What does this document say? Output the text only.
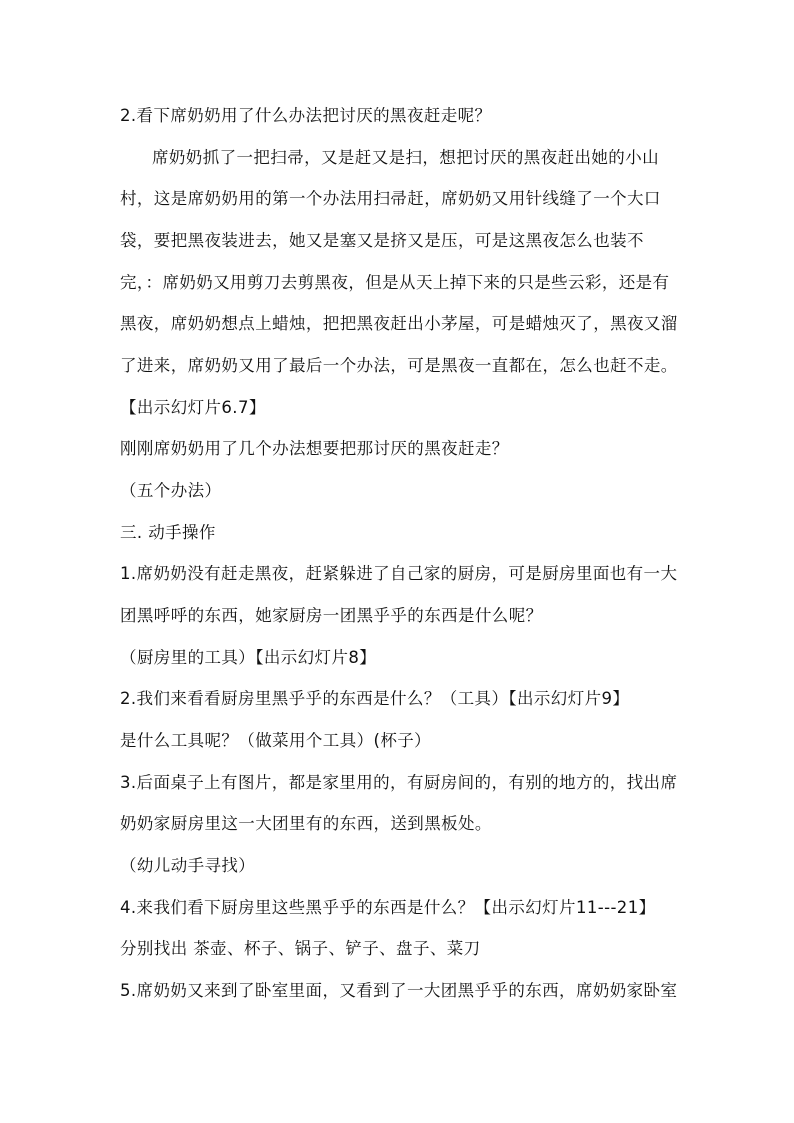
2.看下席奶奶用了什么办法把讨厌的黑夜赶走呢？
席奶奶抓了一把扫帚，又是赶又是扫，想把讨厌的黑夜赶出她的小山
村，这是席奶奶用的第一个办法用扫帚赶，席奶奶又用针线缝了一个大口
袋，要把黑夜装进去，她又是塞又是挤又是压，可是这黑夜怎么也装不
完，：席奶奶又用剪刀去剪黑夜，但是从天上掉下来的只是些云彩，还是有
黑夜，席奶奶想点上蜡烛，把把黑夜赶出小茅屋，可是蜡烛灭了，黑夜又溜
了进来，席奶奶又用了最后一个办法，可是黑夜一直都在，怎么也赶不走。
【出示幻灯片6.7】
刚刚席奶奶用了几个办法想要把那讨厌的黑夜赶走？
（五个办法）
三. 动手操作
1.席奶奶没有赶走黑夜，赶紧躲进了自己家的厨房，可是厨房里面也有一大
团黑呼呼的东西，她家厨房一团黑乎乎的东西是什么呢？
（厨房里的工具）【出示幻灯片8】
2.我们来看看厨房里黑乎乎的东西是什么？（工具）【出示幻灯片9】
是什么工具呢？（做菜用个工具）(杯子）
3.后面桌子上有图片，都是家里用的，有厨房间的，有别的地方的，找出席
奶奶家厨房里这一大团里有的东西，送到黑板处。
（幼儿动手寻找）
4.来我们看下厨房里这些黑乎乎的东西是什么？【出示幻灯片11---21】
分别找出 茶壶、杯子、锅子、铲子、盘子、菜刀
5.席奶奶又来到了卧室里面，又看到了一大团黑乎乎的东西，席奶奶家卧室
